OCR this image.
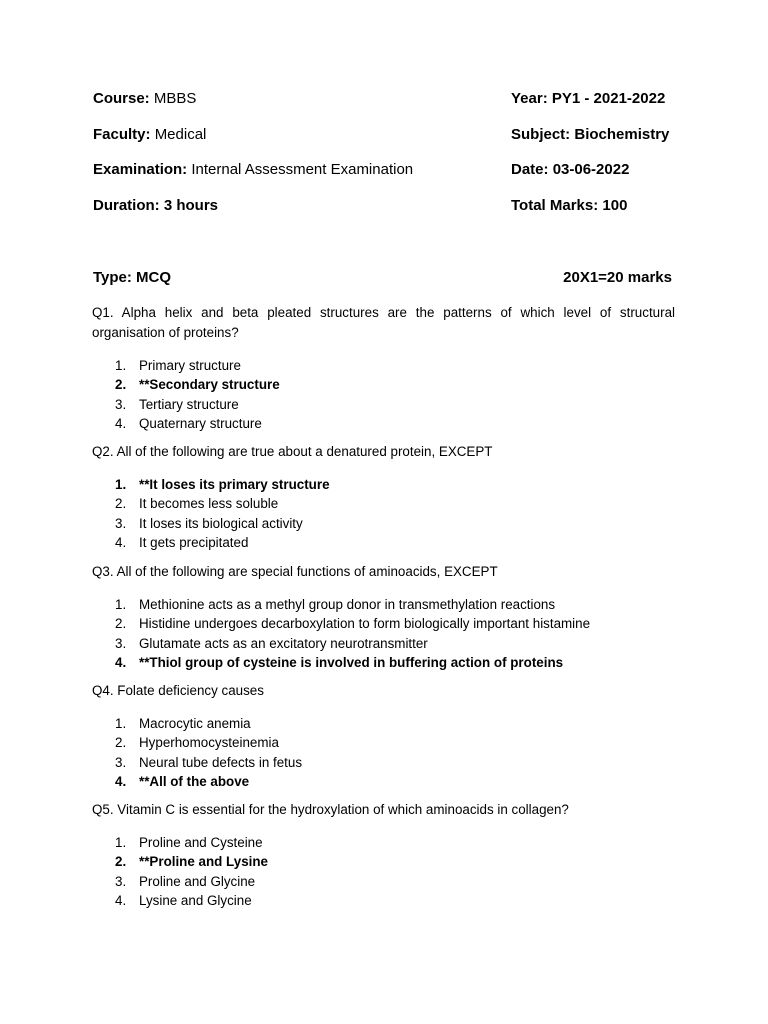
Course: MBBS	Year: PY1 - 2021-2022
Faculty: Medical	Subject: Biochemistry
Examination: Internal Assessment Examination	Date: 03-06-2022
Duration: 3 hours	Total Marks: 100
Type: MCQ	20X1=20 marks
Q1. Alpha helix and beta pleated structures are the patterns of which level of structural organisation of proteins?
1. Primary structure
2. **Secondary structure
3. Tertiary structure
4. Quaternary structure
Q2. All of the following are true about a denatured protein, EXCEPT
1. **It loses its primary structure
2. It becomes less soluble
3. It loses its biological activity
4. It gets precipitated
Q3. All of the following are special functions of aminoacids, EXCEPT
1. Methionine acts as a methyl group donor in transmethylation reactions
2. Histidine undergoes decarboxylation to form biologically important histamine
3. Glutamate acts as an excitatory neurotransmitter
4. **Thiol group of cysteine is involved in buffering action of proteins
Q4. Folate deficiency causes
1. Macrocytic anemia
2. Hyperhomocysteinemia
3. Neural tube defects in fetus
4. **All of the above
Q5. Vitamin C is essential for the hydroxylation of which aminoacids in collagen?
1. Proline and Cysteine
2. **Proline and Lysine
3. Proline and Glycine
4. Lysine and Glycine
